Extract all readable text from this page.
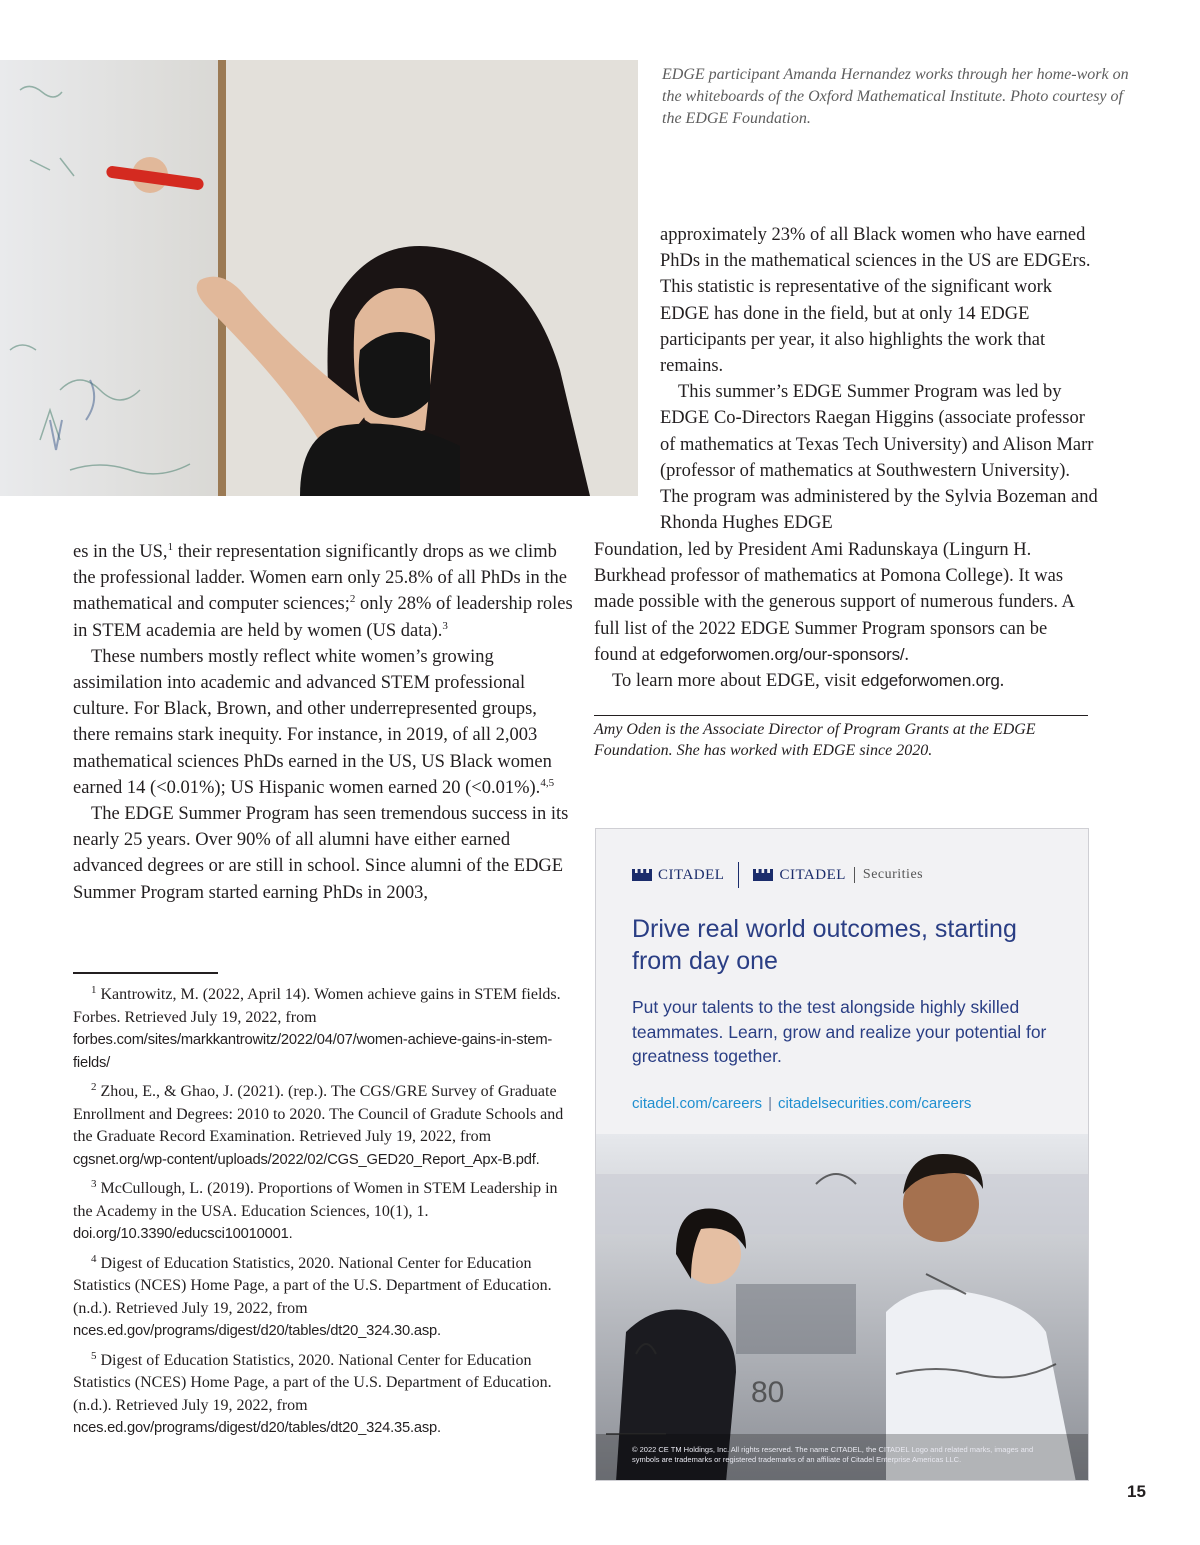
EDGE participant Amanda Hernandez works through her home-work on the whiteboards of the Oxford Mathematical Institute. Photo courtesy of the EDGE Foundation.

approximately 23% of all Black women who have earned PhDs in the mathematical sciences in the US are EDGErs. This statistic is representative of the significant work EDGE has done in the field, but at only 14 EDGE participants per year, it also highlights the work that remains.

This summer’s EDGE Summer Program was led by EDGE Co-Directors Raegan Higgins (associate professor of mathematics at Texas Tech University) and Alison Marr (professor of mathematics at Southwestern University). The program was administered by the Sylvia Bozeman and Rhonda Hughes EDGE

Foundation, led by President Ami Radunskaya (Lingurn H. Burkhead professor of mathematics at Pomona College). It was made possible with the generous support of numerous funders. A full list of the 2022 EDGE Summer Program sponsors can be found at edgeforwomen.org/our-sponsors/.

To learn more about EDGE, visit edgeforwomen.org.

Amy Oden is the Associate Director of Program Grants at the EDGE Foundation. She has worked with EDGE since 2020.

es in the US,$^1$ their representation significantly drops as we climb the professional ladder. Women earn only 25.8% of all PhDs in the mathematical and computer sciences;$^2$ only 28% of leadership roles in STEM academia are held by women (US data).$^3$

These numbers mostly reflect white women’s growing assimilation into academic and advanced STEM professional culture. For Black, Brown, and other underrepresented groups, there remains stark inequity. For instance, in 2019, of all 2,003 mathematical sciences PhDs earned in the US, US Black women earned 14 (<0.01%); US Hispanic women earned 20 (<0.01%).$^{4,5}$

The EDGE Summer Program has seen tremendous success in its nearly 25 years. Over 90% of all alumni have either earned advanced degrees or are still in school. Since alumni of the EDGE Summer Program started earning PhDs in 2003,

$^1$ Kantrowitz, M. (2022, April 14). Women achieve gains in STEM fields. Forbes. Retrieved July 19, 2022, from forbes.com/sites/markkantrowitz/2022/04/07/women-achieve-gains-in-stem-fields/

$^2$ Zhou, E., & Ghao, J. (2021). (rep.). The CGS/GRE Survey of Graduate Enrollment and Degrees: 2010 to 2020. The Council of Gradute Schools and the Graduate Record Examination. Retrieved July 19, 2022, from cgsnet.org/wp-content/uploads/2022/02/CGS_GED20_Report_Apx-B.pdf.

$^3$ McCullough, L. (2019). Proportions of Women in STEM Leadership in the Academy in the USA. Education Sciences, 10(1), 1. doi.org/10.3390/educsci10010001.

$^4$ Digest of Education Statistics, 2020. National Center for Education Statistics (NCES) Home Page, a part of the U.S. Department of Education. (n.d.). Retrieved July 19, 2022, from nces.ed.gov/programs/digest/d20/tables/dt20_324.30.asp.

$^5$ Digest of Education Statistics, 2020. National Center for Education Statistics (NCES) Home Page, a part of the U.S. Department of Education. (n.d.). Retrieved July 19, 2022, from nces.ed.gov/programs/digest/d20/tables/dt20_324.35.asp.

CITADEL	CITADEL	Securities
Drive real world outcomes, starting from day one
Put your talents to the test alongside highly skilled teammates. Learn, grow and realize your potential for greatness together.
citadel.com/careers | citadelsecurities.com/careers
80
© 2022 CE TM Holdings, Inc. All rights reserved. The name CITADEL, the CITADEL Logo and related marks, images and symbols are trademarks or registered trademarks of an affiliate of Citadel Enterprise Americas LLC.
15
